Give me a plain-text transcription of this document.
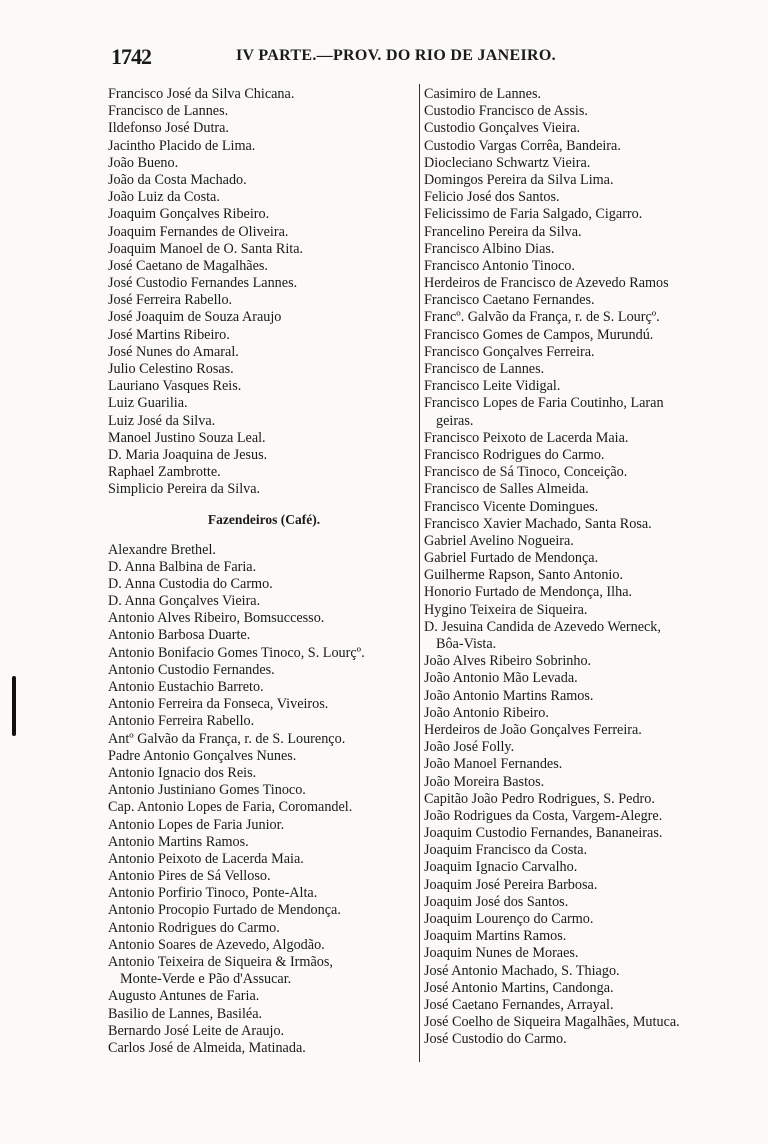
1742	IV PARTE.—PROV. DO RIO DE JANEIRO.
Francisco José da Silva Chicana.
Francisco de Lannes.
Ildefonso José Dutra.
Jacintho Placido de Lima.
João Bueno.
João da Costa Machado.
João Luiz da Costa.
Joaquim Gonçalves Ribeiro.
Joaquim Fernandes de Oliveira.
Joaquim Manoel de O. Santa Rita.
José Caetano de Magalhães.
José Custodio Fernandes Lannes.
José Ferreira Rabello.
José Joaquim de Souza Araujo
José Martins Ribeiro.
José Nunes do Amaral.
Julio Celestino Rosas.
Lauriano Vasques Reis.
Luiz Guarilia.
Luiz José da Silva.
Manoel Justino Souza Leal.
D. Maria Joaquina de Jesus.
Raphael Zambrotte.
Simplicio Pereira da Silva.
Fazendeiros (Café).
Alexandre Brethel.
D. Anna Balbina de Faria.
D. Anna Custodia do Carmo.
D. Anna Gonçalves Vieira.
Antonio Alves Ribeiro, Bomsuccesso.
Antonio Barbosa Duarte.
Antonio Bonifacio Gomes Tinoco, S. Lourçº.
Antonio Custodio Fernandes.
Antonio Eustachio Barreto.
Antonio Ferreira da Fonseca, Viveiros.
Antonio Ferreira Rabello.
Antº Galvão da França, r. de S. Lourenço.
Padre Antonio Gonçalves Nunes.
Antonio Ignacio dos Reis.
Antonio Justiniano Gomes Tinoco.
Cap. Antonio Lopes de Faria, Coromandel.
Antonio Lopes de Faria Junior.
Antonio Martins Ramos.
Antonio Peixoto de Lacerda Maia.
Antonio Pires de Sá Velloso.
Antonio Porfirio Tinoco, Ponte-Alta.
Antonio Procopio Furtado de Mendonça.
Antonio Rodrigues do Carmo.
Antonio Soares de Azevedo, Algodão.
Antonio Teixeira de Siqueira & Irmãos,
Monte-Verde e Pão d'Assucar.
Augusto Antunes de Faria.
Basilio de Lannes, Basiléa.
Bernardo José Leite de Araujo.
Carlos José de Almeida, Matinada.
Casimiro de Lannes.
Custodio Francisco de Assis.
Custodio Gonçalves Vieira.
Custodio Vargas Corrêa, Bandeira.
Diocleciano Schwartz Vieira.
Domingos Pereira da Silva Lima.
Felicio José dos Santos.
Felicissimo de Faria Salgado, Cigarro.
Francelino Pereira da Silva.
Francisco Albino Dias.
Francisco Antonio Tinoco.
Herdeiros de Francisco de Azevedo Ramos
Francisco Caetano Fernandes.
Francº. Galvão da França, r. de S. Lourçº.
Francisco Gomes de Campos, Murundú.
Francisco Gonçalves Ferreira.
Francisco de Lannes.
Francisco Leite Vidigal.
Francisco Lopes de Faria Coutinho, Laran
geiras.
Francisco Peixoto de Lacerda Maia.
Francisco Rodrigues do Carmo.
Francisco de Sá Tinoco, Conceição.
Francisco de Salles Almeida.
Francisco Vicente Domingues.
Francisco Xavier Machado, Santa Rosa.
Gabriel Avelino Nogueira.
Gabriel Furtado de Mendonça.
Guilherme Rapson, Santo Antonio.
Honorio Furtado de Mendonça, Ilha.
Hygino Teixeira de Siqueira.
D. Jesuina Candida de Azevedo Werneck,
Bôa-Vista.
João Alves Ribeiro Sobrinho.
João Antonio Mão Levada.
João Antonio Martins Ramos.
João Antonio Ribeiro.
Herdeiros de João Gonçalves Ferreira.
João José Folly.
João Manoel Fernandes.
João Moreira Bastos.
Capitão João Pedro Rodrigues, S. Pedro.
João Rodrigues da Costa, Vargem-Alegre.
Joaquim Custodio Fernandes, Bananeiras.
Joaquim Francisco da Costa.
Joaquim Ignacio Carvalho.
Joaquim José Pereira Barbosa.
Joaquim José dos Santos.
Joaquim Lourenço do Carmo.
Joaquim Martins Ramos.
Joaquim Nunes de Moraes.
José Antonio Machado, S. Thiago.
José Antonio Martins, Candonga.
José Caetano Fernandes, Arrayal.
José Coelho de Siqueira Magalhães, Mutuca.
José Custodio do Carmo.
